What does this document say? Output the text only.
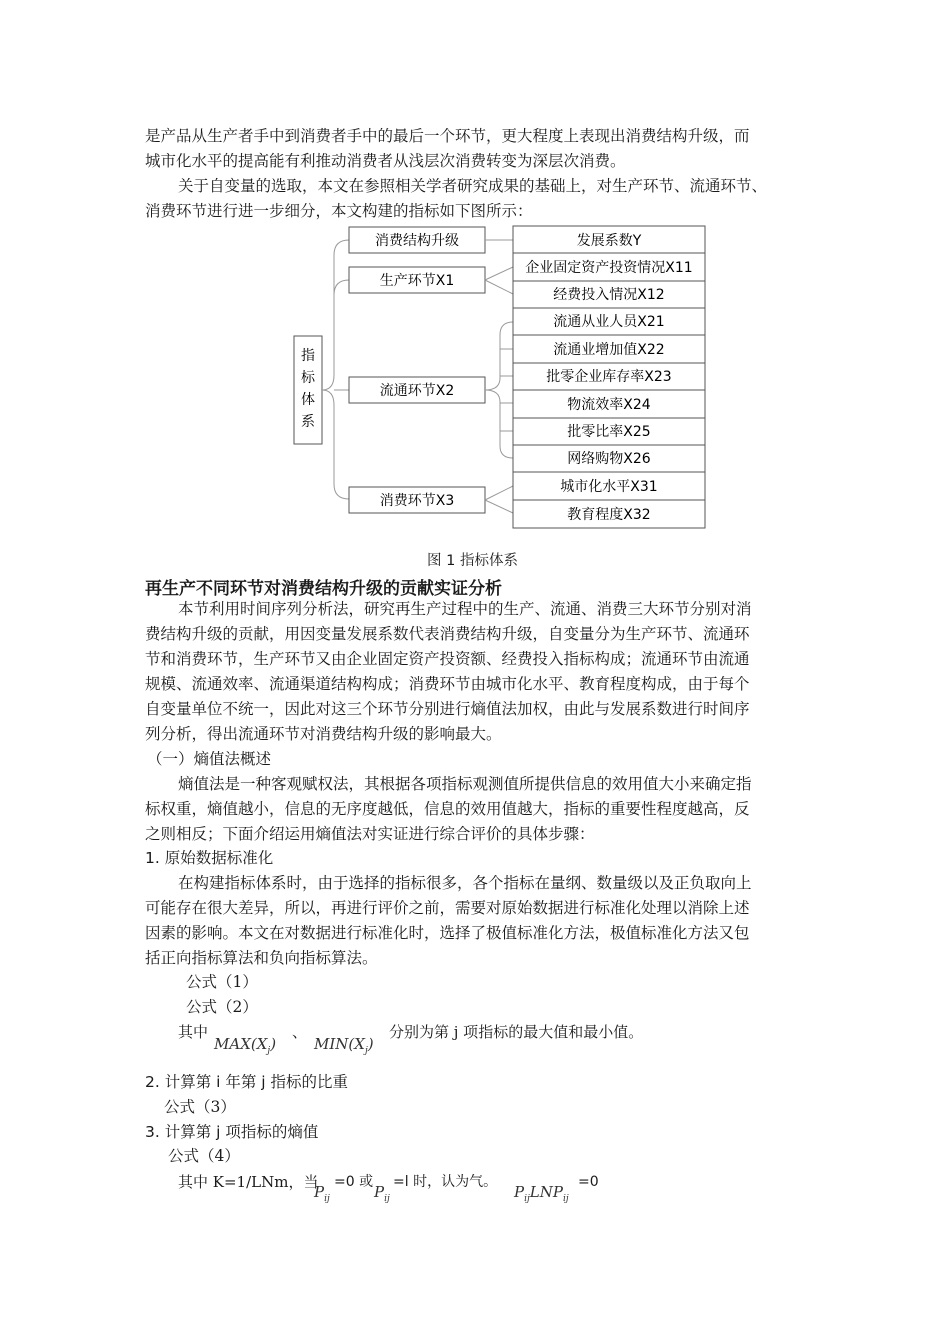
是产品从生产者手中到消费者手中的最后一个环节，更大程度上表现出消费结构升级，而
城市化水平的提高能有利推动消费者从浅层次消费转变为深层次消费。
关于自变量的选取，本文在参照相关学者研究成果的基础上，对生产环节、流通环节、
消费环节进行进一步细分，本文构建的指标如下图所示：
指
标
体
系
消费结构升级
生产环节X1
流通环节X2
消费环节X3
发展系数Y
企业固定资产投资情况X11
经费投入情况X12
流通从业人员X21
流通业增加值X22
批零企业库存率X23
物流效率X24
批零比率X25
网络购物X26
城市化水平X31
教育程度X32
图 1 指标体系
再生产不同环节对消费结构升级的贡献实证分析
本节利用时间序列分析法，研究再生产过程中的生产、流通、消费三大环节分别对消
费结构升级的贡献，用因变量发展系数代表消费结构升级，自变量分为生产环节、流通环
节和消费环节，生产环节又由企业固定资产投资额、经费投入指标构成；流通环节由流通
规模、流通效率、流通渠道结构构成；消费环节由城市化水平、教育程度构成，由于每个
自变量单位不统一，因此对这三个环节分别进行熵值法加权，由此与发展系数进行时间序
列分析，得出流通环节对消费结构升级的影响最大。
（一）熵值法概述
熵值法是一种客观赋权法，其根据各项指标观测值所提供信息的效用值大小来确定指
标权重，熵值越小，信息的无序度越低，信息的效用值越大，指标的重要性程度越高，反
之则相反；下面介绍运用熵值法对实证进行综合评价的具体步骤：
1. 原始数据标准化
在构建指标体系时，由于选择的指标很多，各个指标在量纲、数量级以及正负取向上
可能存在很大差异，所以，再进行评价之前，需要对原始数据进行标准化处理以消除上述
因素的影响。本文在对数据进行标准化时，选择了极值标准化方法，极值标准化方法又包
括正向指标算法和负向指标算法。
公式（1）
公式（2）
其中
$MAX(X_j)$
、
$MIN(X_j)$
分别为第 j 项指标的最大值和最小值。
2. 计算第 i 年第 j 指标的比重
公式（3）
3. 计算第 j 项指标的熵值
公式（4）
其中 K=1/LNm，当
$P_{ij}$
=0 或
$P_{ij}$
=l 时，认为气。
$P_{ij}LNP_{ij}$
=0
